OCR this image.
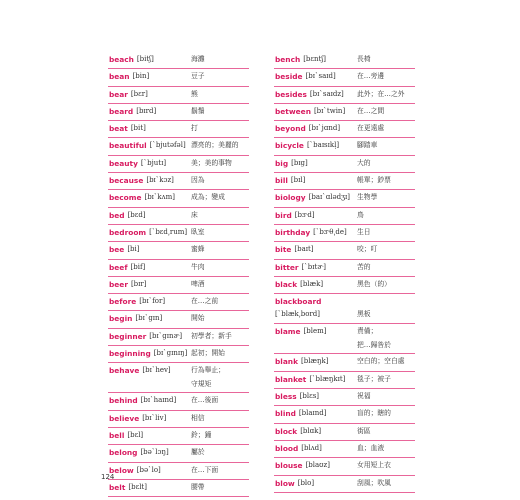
beach [bitʃ]	海灘
bean [bin]	豆子
bear [bɛr]	熊
beard [bɪrd]	鬍鬚
beat [bit]	打
beautiful [ˋbjutəfəl] 漂亮的；美麗的
beauty [ˋbjutɪ]	美；美的事物
because [bɪˋkɔz]	因為
become [bɪˋkʌm] 成為；變成
bed [bɛd]	床
bedroom [ˋbɛd͵rum] 臥室
bee [bi]	蜜蜂
beef [bif]	牛肉
beer [bɪr]	啤酒
before [bɪˋfor]	在…之前
begin [bɪˋgɪn]	開始
beginner [bɪˋgɪnɚ] 初學者；新手
beginning [bɪˋgɪnɪŋ] 起初；開始
behave [bɪˋhev]	行為舉止；
守規矩
behind [bɪˋhaɪnd] 在…後面
believe [bɪˋliv]	相信
bell [bɛl]	鈴；鐘
belong [bəˋlɔŋ]	屬於
below [bəˋlo]	在…下面
belt [bɛlt]	腰帶
bench [bɛntʃ]	長椅
beside [bɪˋsaɪd]	在…旁邊
besides [bɪˋsaɪdz] 此外；在…之外
between [bɪˋtwin] 在…之間
beyond [bɪˋjɑnd] 在更遠處
bicycle [ˋbaɪsɪkl̩]	腳踏車
big [bɪg]	大的
bill [bɪl]	帳單；鈔票
biology [baɪˋɑlədʒɪ] 生物學
bird [bɝd]	鳥
birthday [ˋbɝθ͵de] 生日
bite [baɪt]	咬；叮
bitter [ˋbɪtɚ]	苦的
black [blæk]	黑色（的）
blackboard
[ˋblæk͵bord]	黑板
blame [blem]	責備；
把…歸咎於
blank [blæŋk]	空白的；空白處
blanket [ˋblæŋkɪt] 毯子；被子
bless [blɛs]	祝福
blind [blaɪnd]	盲的；瞎的
block [blɑk]	街區
blood [blʌd]	血；血液
blouse [blaʊz]	女用短上衣
blow [blo]	刮風；吹風
124
